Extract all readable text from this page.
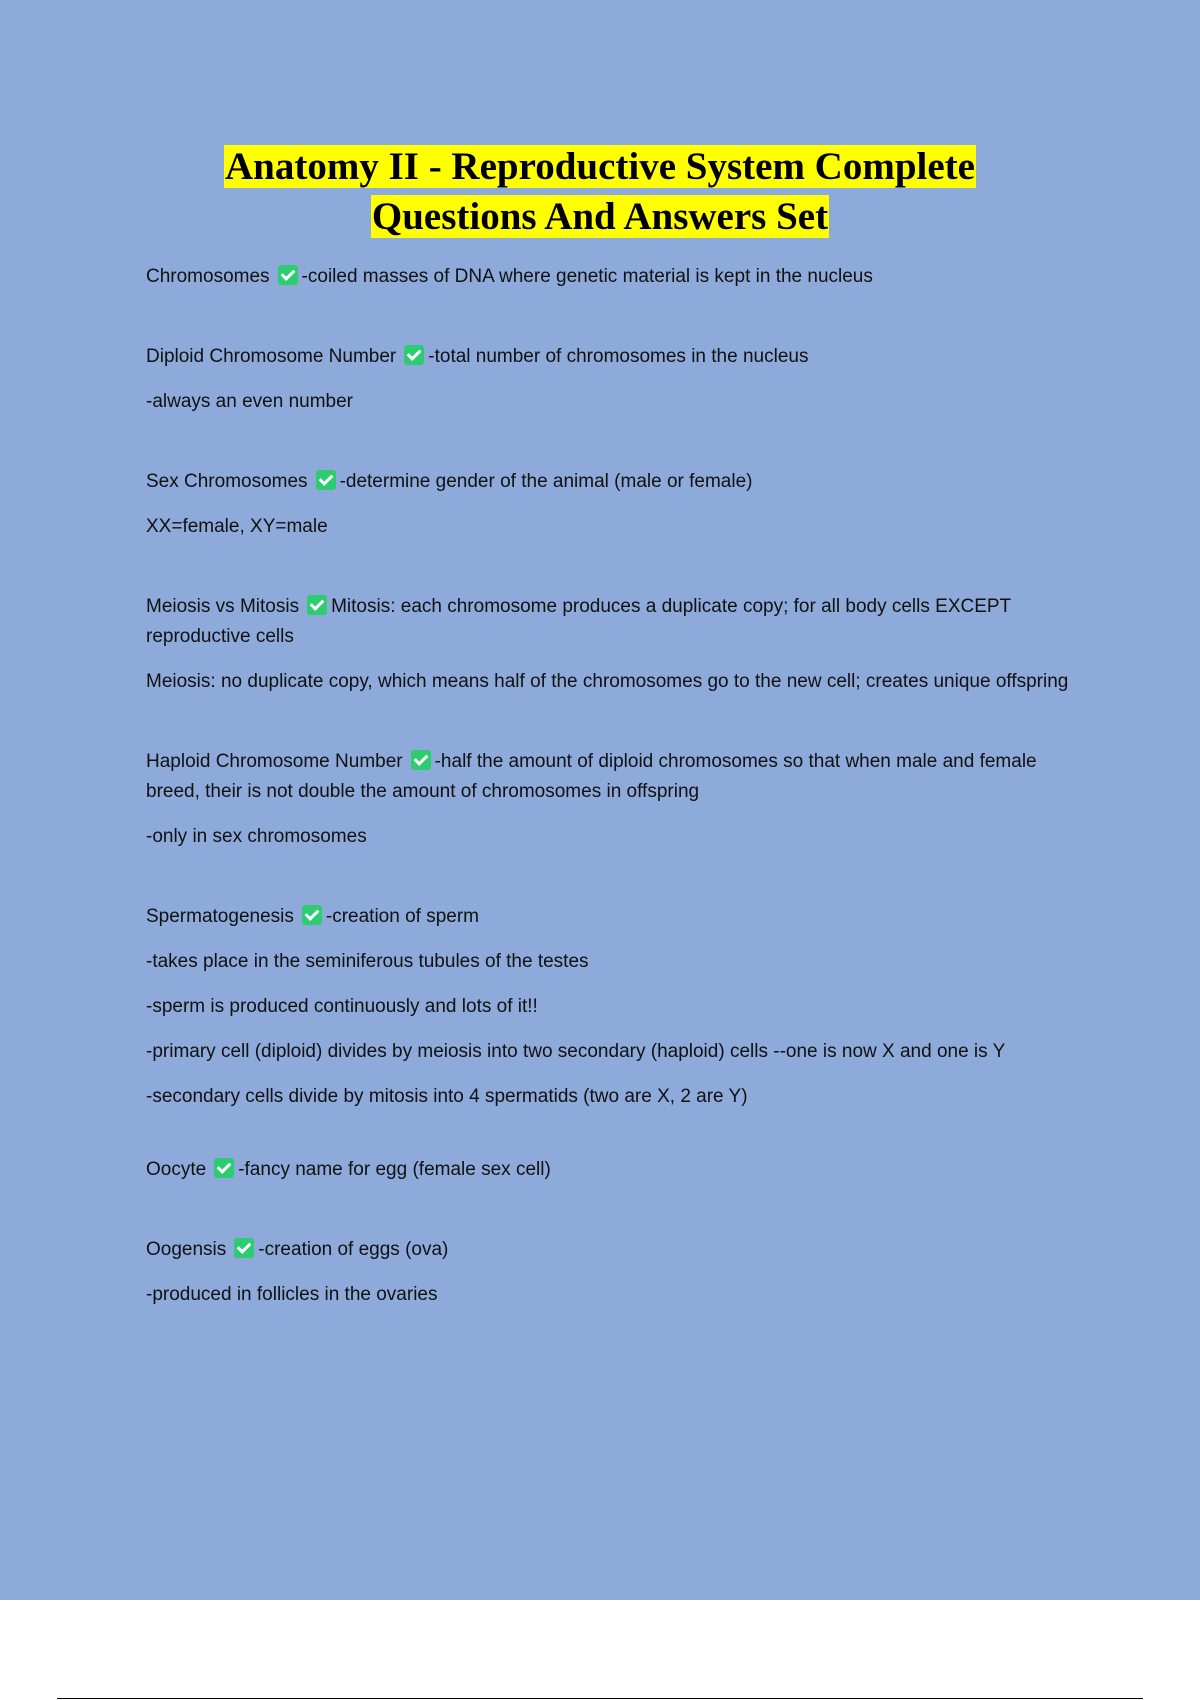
Anatomy II - Reproductive System Complete
Questions And Answers Set

Chromosomes -coiled masses of DNA where genetic material is kept in the nucleus

Diploid Chromosome Number -total number of chromosomes in the nucleus

-always an even number

Sex Chromosomes -determine gender of the animal (male or female)

XX=female, XY=male

Meiosis vs Mitosis Mitosis: each chromosome produces a duplicate copy; for all body cells EXCEPT reproductive cells

Meiosis: no duplicate copy, which means half of the chromosomes go to the new cell; creates unique offspring

Haploid Chromosome Number -half the amount of diploid chromosomes so that when male and female breed, their is not double the amount of chromosomes in offspring

-only in sex chromosomes

Spermatogenesis -creation of sperm

-takes place in the seminiferous tubules of the testes

-sperm is produced continuously and lots of it!!

-primary cell (diploid) divides by meiosis into two secondary (haploid) cells --one is now X and one is Y

-secondary cells divide by mitosis into 4 spermatids (two are X, 2 are Y)

Oocyte -fancy name for egg (female sex cell)

Oogensis -creation of eggs (ova)

-produced in follicles in the ovaries
